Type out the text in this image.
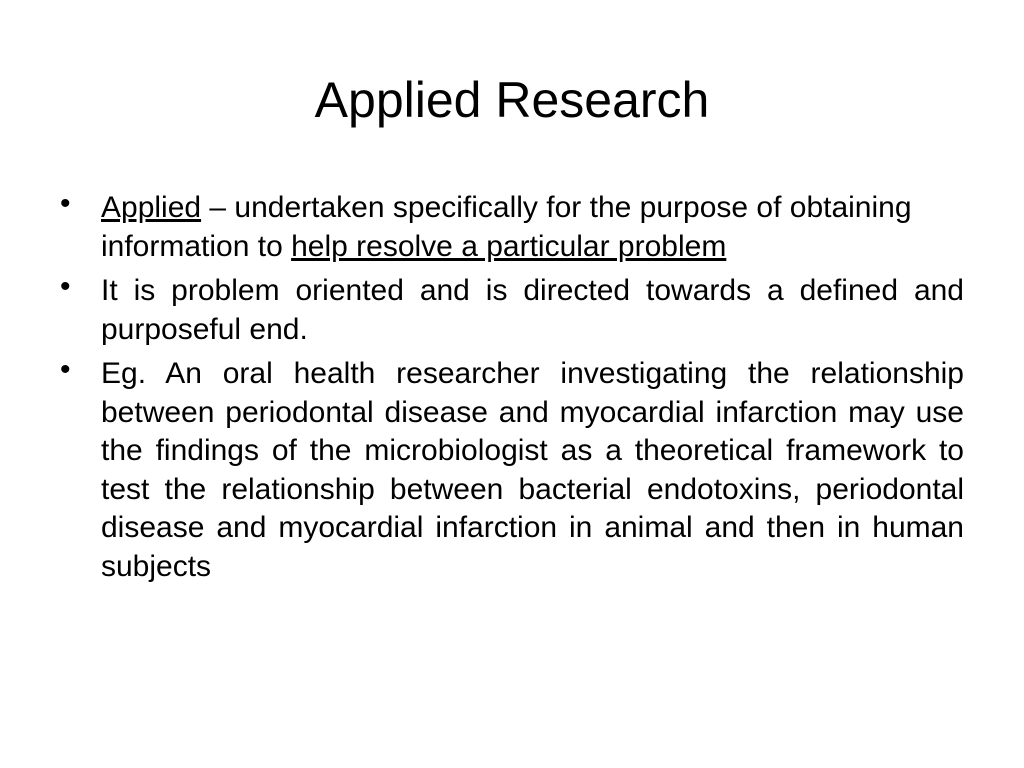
Applied Research
• Applied – undertaken specifically for the purpose of obtaining information to help resolve a particular problem
• It is problem oriented and is directed towards a defined and purposeful end.
• Eg. An oral health researcher investigating the relationship between periodontal disease and myocardial infarction may use the findings of the microbiologist as a theoretical framework to test the relationship between bacterial endotoxins, periodontal disease and myocardial infarction in animal and then in human subjects
